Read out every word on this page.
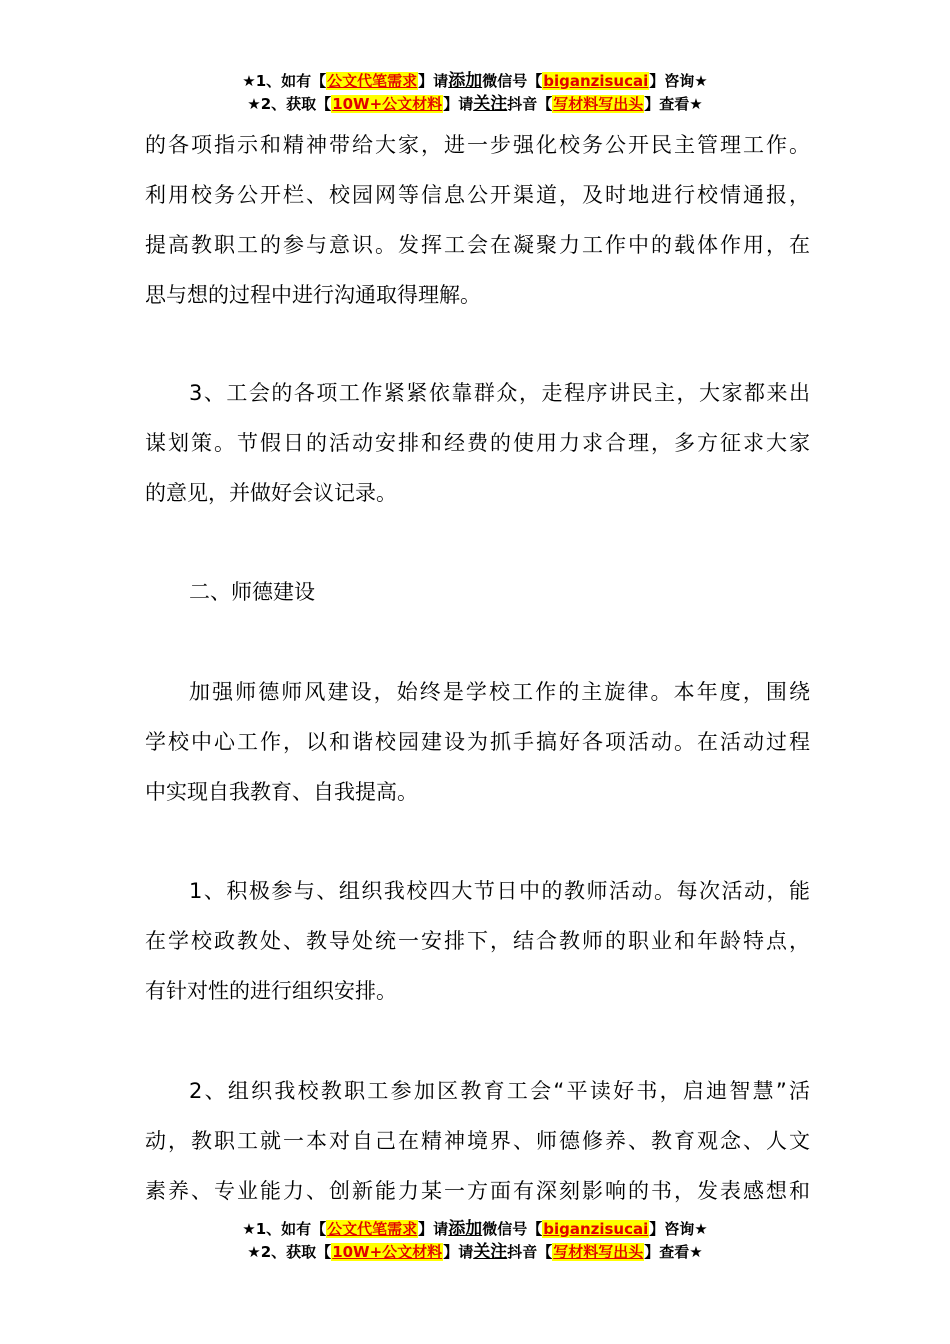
★1、如有【公文代笔需求】请添加微信号【biganzisucai】咨询★
★2、获取【10W+公文材料】请关注抖音【写材料写出头】查看★
的各项指示和精神带给大家，进一步强化校务公开民主管理工作。
利用校务公开栏、校园网等信息公开渠道，及时地进行校情通报，
提高教职工的参与意识。发挥工会在凝聚力工作中的载体作用，在
思与想的过程中进行沟通取得理解。
3、工会的各项工作紧紧依靠群众，走程序讲民主，大家都来出
谋划策。节假日的活动安排和经费的使用力求合理，多方征求大家
的意见，并做好会议记录。
二、师德建设
加强师德师风建设，始终是学校工作的主旋律。本年度，围绕
学校中心工作，以和谐校园建设为抓手搞好各项活动。在活动过程
中实现自我教育、自我提高。
1、积极参与、组织我校四大节日中的教师活动。每次活动，能
在学校政教处、教导处统一安排下，结合教师的职业和年龄特点，
有针对性的进行组织安排。
2、组织我校教职工参加区教育工会“平读好书，启迪智慧”活
动，教职工就一本对自己在精神境界、师德修养、教育观念、人文
素养、专业能力、创新能力某一方面有深刻影响的书，发表感想和
★1、如有【公文代笔需求】请添加微信号【biganzisucai】咨询★
★2、获取【10W+公文材料】请关注抖音【写材料写出头】查看★
